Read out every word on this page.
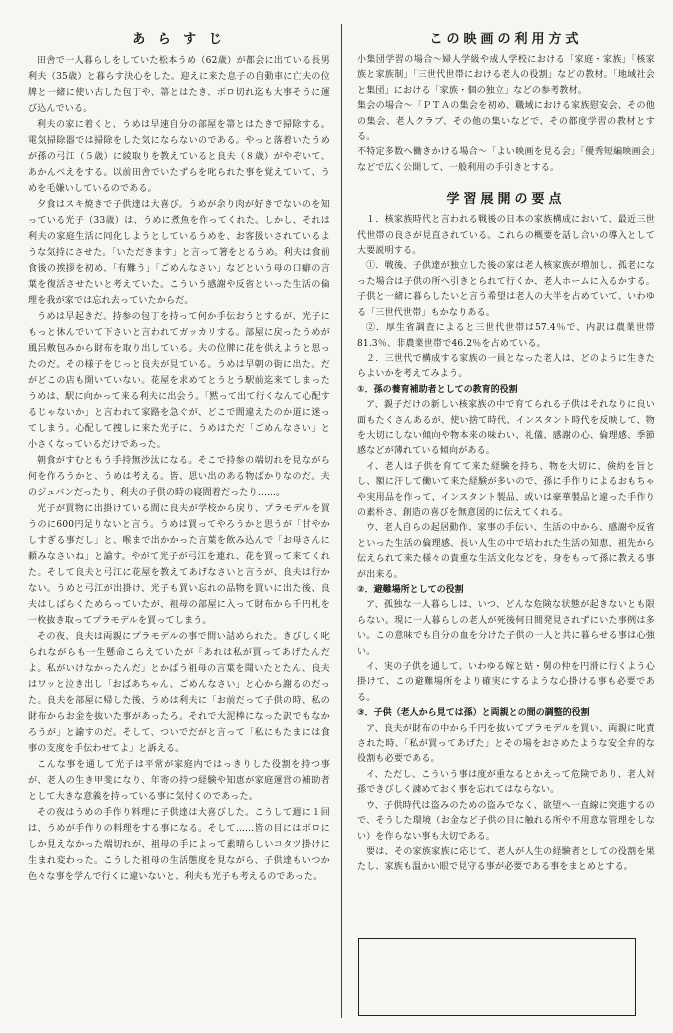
あ ら す じ

田舎で一人暮らしをしていた松本うめ（62歳）が都会に出ている長男利夫（35歳）と暮らす決心をした。迎えに来た息子の自動車に亡夫の位牌と一緒に使い古した包丁や、箒とはたき、ボロ切れ迄も大事そうに運び込んでいる。

利夫の家に着くと、うめは早速自分の部屋を箒とはたきで掃除する。電気掃除器では掃除をした気にならないのである。やっと落着いたうめが孫の弓江（５歳）に綾取りを教えていると良夫（８歳）がやぞいて、あかんべえをする。以前田舎でいたずらを叱られた事を覚えていて、うめを毛嫌いしているのである。

夕食はスキ焼きで子供達は大喜び。うめが余り肉が好きでないのを知っている光子（33歳）は、うめに煮魚を作ってくれた。しかし、それは利夫の家庭生活に同化しようとしているうめを、お客扱いされているような気持にさせた。「いただきます」と言って箸をとるうめ。利夫は食前食後の挨拶を初め、「有難う」「ごめんなさい」などという母の口癖の言葉を復活させたいと考えていた。こういう感謝や反省といった生活の倫理を我が家では忘れ去っていたからだ。

うめは早起きだ。持参の包丁を持って何か手伝おうとするが、光子にもっと休んでいて下さいと言われてガッカリする。部屋に戻ったうめが風呂敷包みから財布を取り出している。夫の位牌に花を供えようと思ったのだ。その様子をじっと良夫が見ている。うめは早朝の街に出た。だがどこの店も開いていない。花屋を求めてとうとう駅前迄来てしまったうめは、駅に向かって来る利夫に出会う。「黙って出て行くなんて心配するじゃないか」と言われて家路を急ぐが、どこで間違えたのか道に迷ってしまう。心配して捜しに来た光子に、うめはただ「ごめんなさい」と小さくなっているだけであった。

朝食がすむともう手持無沙汰になる。そこで持参の端切れを見ながら何を作ろうかと、うめは考える。皆、思い出のある物ばかりなのだ。夫のジュバンだったり、利夫の子供の時の寝間着だったり……。

光子が買物に出掛けている間に良夫が学校から戻り、プラモデルを買うのに600円足りないと言う。うめは買ってやろうかと思うが「甘やかしすぎる事だし」と、喉まで出かかった言葉を飲み込んで「お母さんに頼みなさいね」と諭す。やがて光子が弓江を連れ、花を買って来てくれた。そして良夫と弓江に花屋を教えてあげなさいと言うが、良夫は行かない。うめと弓江が出掛け、光子も買い忘れの品物を買いに出た後、良夫はしばらくためらっていたが、祖母の部屋に入って財布から千円札を一枚抜き取ってプラモデルを買ってしまう。

その夜、良夫は両親にプラモデルの事で問い詰められた。きびしく叱られながらも一生懸命こらえていたが「あれは私が買ってあげたんだよ。私がいけなかったんだ」とかばう祖母の言葉を聞いたとたん、良夫はワッと泣き出し「おばあちゃん、ごめんなさい」と心から謝るのだった。良夫を部屋に帰した後、うめは利夫に「お前だって子供の時、私の財布からお金を抜いた事があったろ。それで大泥棒になった訳でもなかろうが」と諭すのだ。そして、ついでだがと言って「私にもたまには食事の支度を手伝わせてよ」と訴える。

こんな事を通して光子は平常が家庭内ではっきりした役割を持つ事が、老人の生き甲斐になり、年寄の持つ経験や知恵が家庭運営の補助者として大きな意義を持っている事に気付くのであった。

その夜はうめの手作り料理に子供達は大喜びした。こうして週に１回は、うめが手作りの料理をする事になる。そして……皆の目にはボロにしか見えなかった端切れが、祖母の手によって素晴らしいコタツ掛けに生まれ変わった。こうした祖母の生活態度を見ながら、子供達もいつか色々な事を学んで行くに違いないと、利夫も光子も考えるのであった。

この映画の利用方式

小集団学習の場合～婦人学級や成人学校における「家庭・家族」「核家族と家族制」「三世代世帯における老人の役割」などの教材。「地域社会と集団」における「家族・個の独立」などの参考教材。

集会の場合～「ＰＴＡの集会を初め、職域における家族慰安会、その他の集会、老人クラブ、その他の集いなどで、その都度学習の教材とする。

不特定多数へ働きかける場合～「よい映画を見る会」「優秀短編映画会」などで広く公開して、一般利用の手引きとする。

学習展開の要点

１．核家族時代と言われる戦後の日本の家族構成において、最近三世代世帯の良さが見直されている。これらの概要を話し合いの導入として大要説明する。

①．戦後、子供達が独立した後の家は老人核家族が増加し、孤老になった場合は子供の所へ引きとられて行くか、老人ホームに入るかする。子供と一緒に暮らしたいと言う希望は老人の大半を占めていて、いわゆる「三世代世帯」もかなりある。

②．厚生省調査によると三世代世帯は57.4％で、内訳は農業世帯81.3％、非農業世帯で46.2％を占めている。

２．三世代で構成する家族の一員となった老人は、どのように生きたらよいかを考えてみよう。

①．孫の養育補助者としての教育的役割

ア、親子だけの新しい核家族の中で育てられる子供はそれなりに良い面もたくさんあるが、使い捨て時代、インスタント時代を反映して、物を大切にしない傾向や物本来の味わい、礼儀、感謝の心、倫理感、季節感などが薄れている傾向がある。

イ、老人は子供を育てて来た経験を持ち、物を大切に、倹約を旨とし、額に汗して働いて来た経験が多いので、孫に手作りによるおもちゃや実用品を作って、インスタント製品、或いは豪華製品と違った手作りの素朴さ、創造の喜びを無意図的に伝えてくれる。

ウ、老人自らの起居動作、家事の手伝い、生活の中から、感謝や反省といった生活の倫理感、長い人生の中で培われた生活の知恵、祖先から伝えられて来た様々の貴重な生活文化などを、身をもって孫に教える事が出来る。

②．避難場所としての役割

ア、孤独な一人暮らしは、いつ、どんな危険な状態が起きないとも限らない。現に一人暮らしの老人が死後何日間発見されずにいた事例は多い。この意味でも自分の血を分けた子供の一人と共に暮らせる事は心強い。

イ、実の子供を通して、いわゆる嫁と姑・舅の仲を円滑に行くよう心掛けて、この避難場所をより確実にするような心掛ける事も必要である。

③．子供（老人から見ては孫）と両親との間の調整的役割

ア、良夫が財布の中から千円を抜いてプラモデルを買い、両親に叱責された時、「私が買ってあげた」とその場をおさめたような安全弁的な役割も必要である。

イ、ただし、こういう事は度が重なるとかえって危険であり、老人対孫できびしく諌めておく事を忘れてはならない。

ウ、子供時代は盗みのための盗みでなく、欲望へ一直線に突進するので、そうした環境（お金など子供の目に触れる所や不用意な管理をしない）を作らない事も大切である。

要は、その家族家族に応じて、老人が人生の経験者としての役割を果たし、家族も温かい眼で見守る事が必要である事をまとめとする。
